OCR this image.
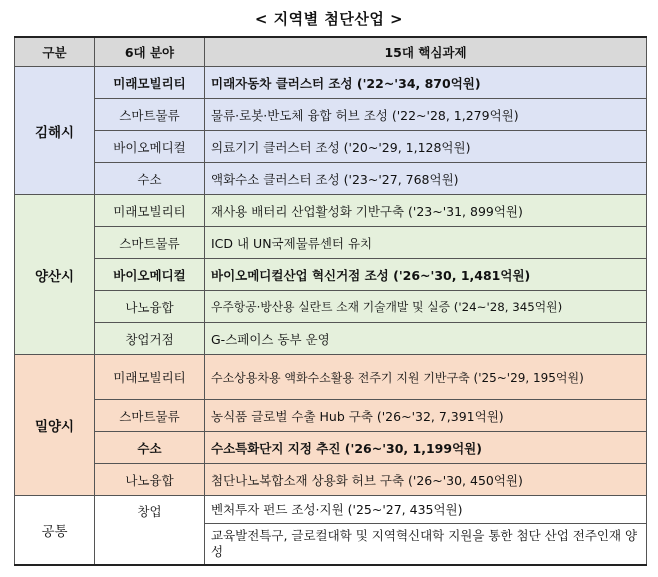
< 지역별 첨단산업 >
구분	6대 분야	15대 핵심과제
김해시	미래모빌리티	미래자동차 클러스터 조성 ('22~'34, 870억원)
	스마트물류	물류·로봇·반도체 융합 허브 조성 ('22~'28, 1,279억원)
	바이오메디컬	의료기기 클러스터 조성 ('20~'29, 1,128억원)
	수소	액화수소 클러스터 조성 ('23~'27, 768억원)
양산시	미래모빌리티	재사용 배터리 산업활성화 기반구축 ('23~'31, 899억원)
	스마트물류	ICD 내 UN국제물류센터 유치
	바이오메디컬	바이오메디컬산업 혁신거점 조성 ('26~'30, 1,481억원)
	나노융합	우주항공·방산용 실란트 소재 기술개발 및 실증 ('24~'28, 345억원)
	창업거점	G-스페이스 동부 운영
밀양시	미래모빌리티	수소상용차용 액화수소활용 전주기 지원 기반구축 ('25~'29, 195억원)
	스마트물류	농식품 글로벌 수출 Hub 구축 ('26~'32, 7,391억원)
	수소	수소특화단지 지정 추진 ('26~'30, 1,199억원)
	나노융합	첨단나노복합소재 상용화 허브 구축 ('26~'30, 450억원)
공통	창업	벤처투자 펀드 조성·지원 ('25~'27, 435억원)
		교육발전특구, 글로컬대학 및 지역혁신대학 지원을 통한 첨단 산업 전주인재 양성
